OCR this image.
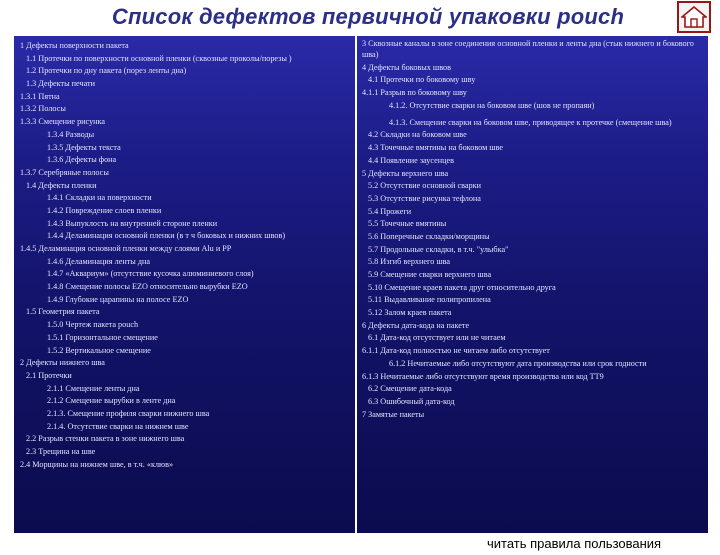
Список дефектов первичной упаковки pouch
1 Дефекты поверхности пакета
1.1 Протечки по поверхности основной пленки (сквозные проколы/порезы )
1.2 Протечки по дну пакета (порез ленты дна)
1.3 Дефекты печати
1.3.1 Пятна
1.3.2 Полосы
1.3.3 Смещение рисунка
1.3.4 Разводы
1.3.5 Дефекты текста
1.3.6 Дефекты фона
1.3.7 Серебряные полосы
1.4 Дефекты пленки
1.4.1 Складки на поверхности
1.4.2 Повреждение слоев пленки
1.4.3 Выпуклость на внутренней стороне пленки
1.4.4 Деламинация основной пленки (в т ч боковых и нижних швов)
1.4.5 Деламинация основной пленки между слоями Alu и PP
1.4.6 Деламинация ленты дна
1.4.7 «Аквариум» (отсутствие кусочка алюминиевого слоя)
1.4.8 Смещение полосы EZO относительно вырубки EZO
1.4.9 Глубокие царапины на полосе EZO
1.5 Геометрия пакета
1.5.0 Чертеж пакета pouch
1.5.1 Горизонтальное смещение
1.5.2 Вертикальное смещение
2 Дефекты нижнего шва
2.1 Протечки
2.1.1 Смещение ленты дна
2.1.2 Смещение вырубки в ленте дна
2.1.3. Смещение профиля сварки нижнего шва
2.1.4. Отсутствие сварки на нижнем шве
2.2 Разрыв стенки пакета в зоне нижнего шва
2.3 Трещина на шве
2.4 Морщины на нижнем шве, в т.ч. «клюв»
3 Сквозные каналы в зоне соединения основной пленки и ленты дна (стык нижнего и бокового шва)
4 Дефекты боковых швов
4.1 Протечки по боковому шву
4.1.1 Разрыв по боковому шву
4.1.2. Отсутствие сварки на боковом шве (шов не пропаян)
4.1.3. Смещение сварки на боковом шве, приводящее к протечке (смещение шва)
4.2 Складки на боковом шве
4.3 Точечные вмятины на боковом шве
4.4 Появление заусенцев
5 Дефекты верхнего шва
5.2 Отсутствие основной сварки
5.3 Отсутствие рисунка тефлона
5.4 Прожеги
5.5 Точечные вмятины
5.6 Поперечные складки/морщины
5.7 Продольные складки, в т.ч. "улыбка"
5.8 Изгиб верхнего шва
5.9 Смещение сварки верхнего шва
5.10 Смещение краев пакета друг относительно друга
5.11 Выдавливание полипропилена
5.12 Залом краев пакета
6 Дефекты дата-кода на пакете
6.1 Дата-код отсутствует или не читаем
6.1.1 Дата-код полностью не читаем либо отсутствует
6.1.2 Нечитаемые либо отсутствуют дата производства или срок годности
6.1.3 Нечитаемые либо отсутствуют время производства или код TT9
6.2 Смещение дата-кода
6.3 Ошибочный дата-код
7 Замятые пакеты
читать правила пользования
